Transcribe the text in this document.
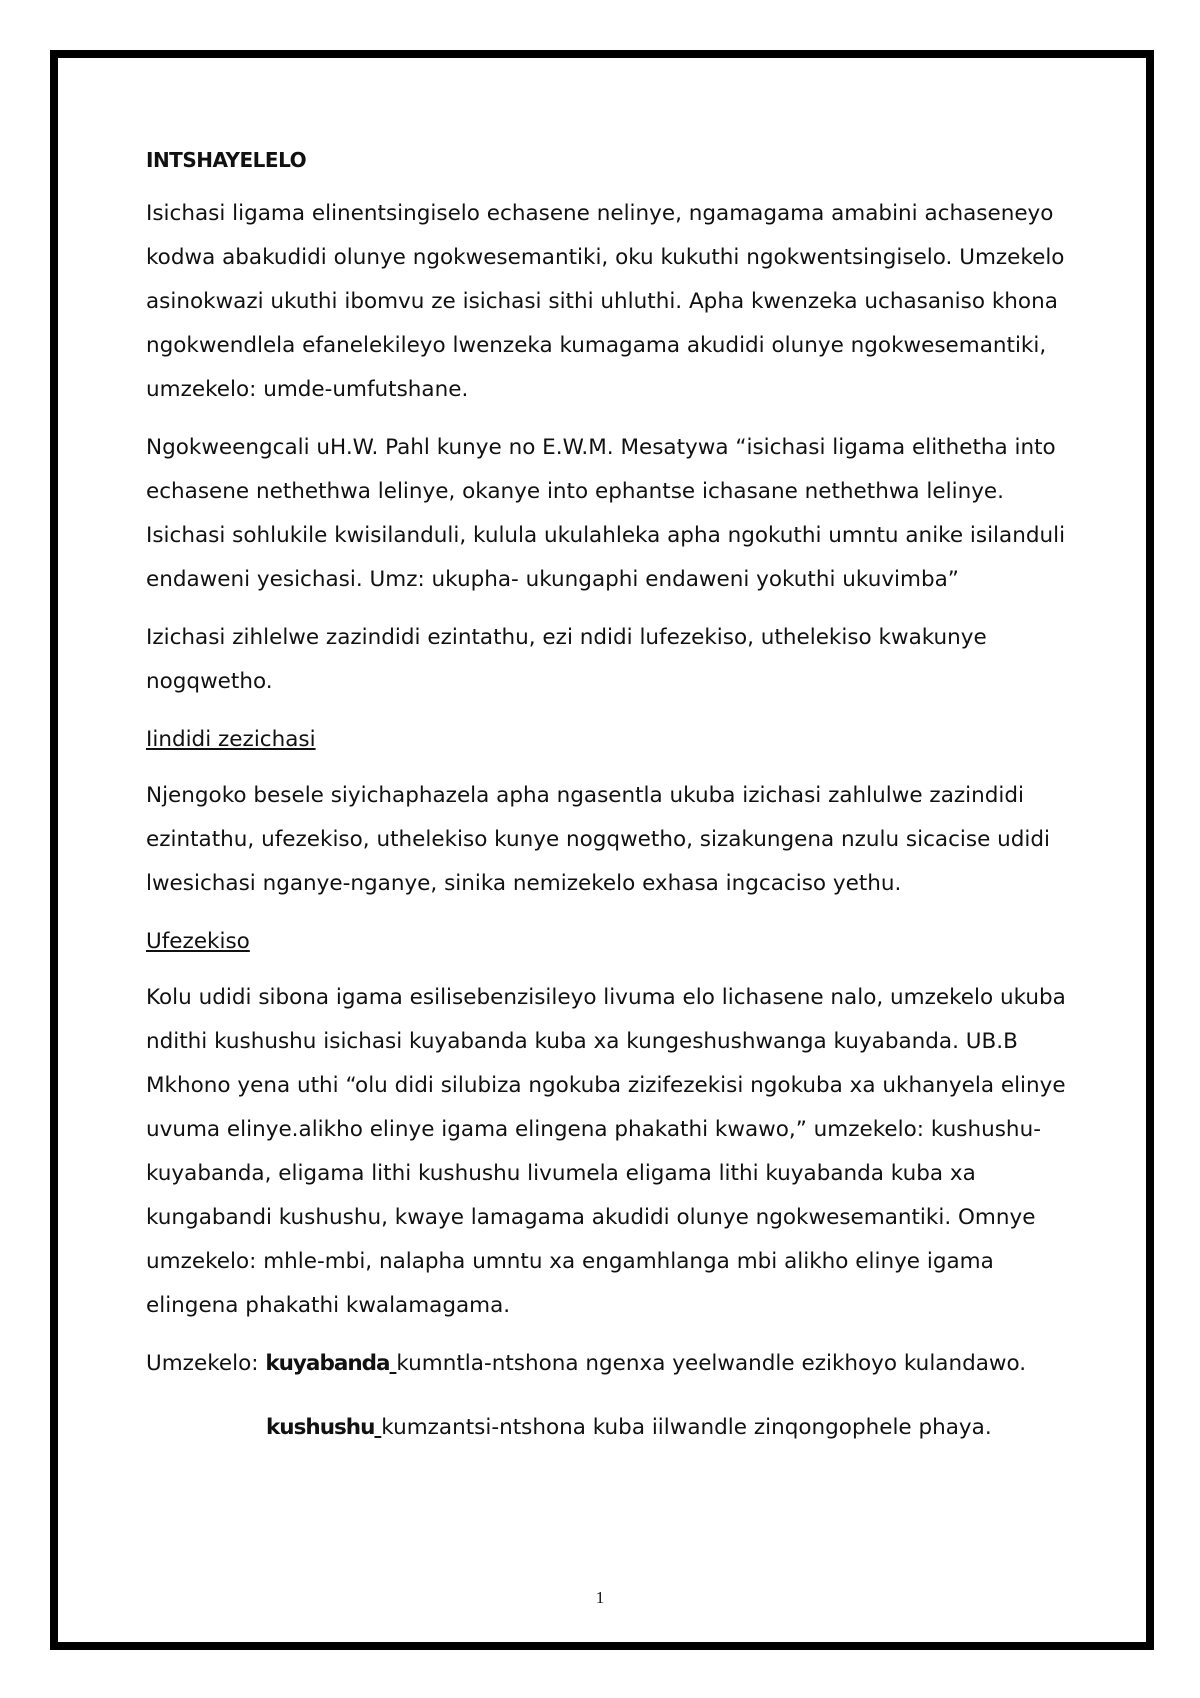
INTSHAYELELO

Isichasi ligama elinentsingiselo echasene nelinye, ngamagama amabini achaseneyo kodwa abakudidi olunye ngokwesemantiki, oku kukuthi ngokwentsingiselo. Umzekelo asinokwazi ukuthi ibomvu ze isichasi sithi uhluthi. Apha kwenzeka uchasaniso khona ngokwendlela efanelekileyo lwenzeka kumagama akudidi olunye ngokwesemantiki, umzekelo: umde-umfutshane.

Ngokweengcali uH.W. Pahl kunye no E.W.M. Mesatywa “isichasi ligama elithetha into echasene nethethwa lelinye, okanye into ephantse ichasane nethethwa lelinye. Isichasi sohlukile kwisilanduli, kulula ukulahleka apha ngokuthi umntu anike isilanduli endaweni yesichasi. Umz: ukupha- ukungaphi endaweni yokuthi ukuvimba”

Izichasi zihlelwe zazindidi ezintathu, ezi ndidi lufezekiso, uthelekiso kwakunye nogqwetho.

Iindidi zezichasi

Njengoko besele siyichaphazela apha ngasentla ukuba izichasi zahlulwe zazindidi ezintathu, ufezekiso, uthelekiso kunye nogqwetho, sizakungena nzulu sicacise udidi lwesichasi nganye-nganye, sinika nemizekelo exhasa ingcaciso yethu.

Ufezekiso

Kolu udidi sibona igama esilisebenzisileyo livuma elo lichasene nalo, umzekelo ukuba ndithi kushushu isichasi kuyabanda kuba xa kungeshushwanga kuyabanda. UB.B Mkhono yena uthi “olu didi silubiza ngokuba zizifezekisi ngokuba xa ukhanyela elinye uvuma elinye.alikho elinye igama elingena phakathi kwawo,” umzekelo: kushushu-kuyabanda, eligama lithi kushushu livumela eligama lithi kuyabanda kuba xa kungabandi kushushu, kwaye lamagama akudidi olunye ngokwesemantiki. Omnye umzekelo: mhle-mbi, nalapha umntu xa engamhlanga mbi alikho elinye igama elingena phakathi kwalamagama.

Umzekelo: kuyabanda kumntla-ntshona ngenxa yeelwandle ezikhoyo kulandawo.
kushushu kumzantsi-ntshona kuba iilwandle zinqongophele phaya.
1
